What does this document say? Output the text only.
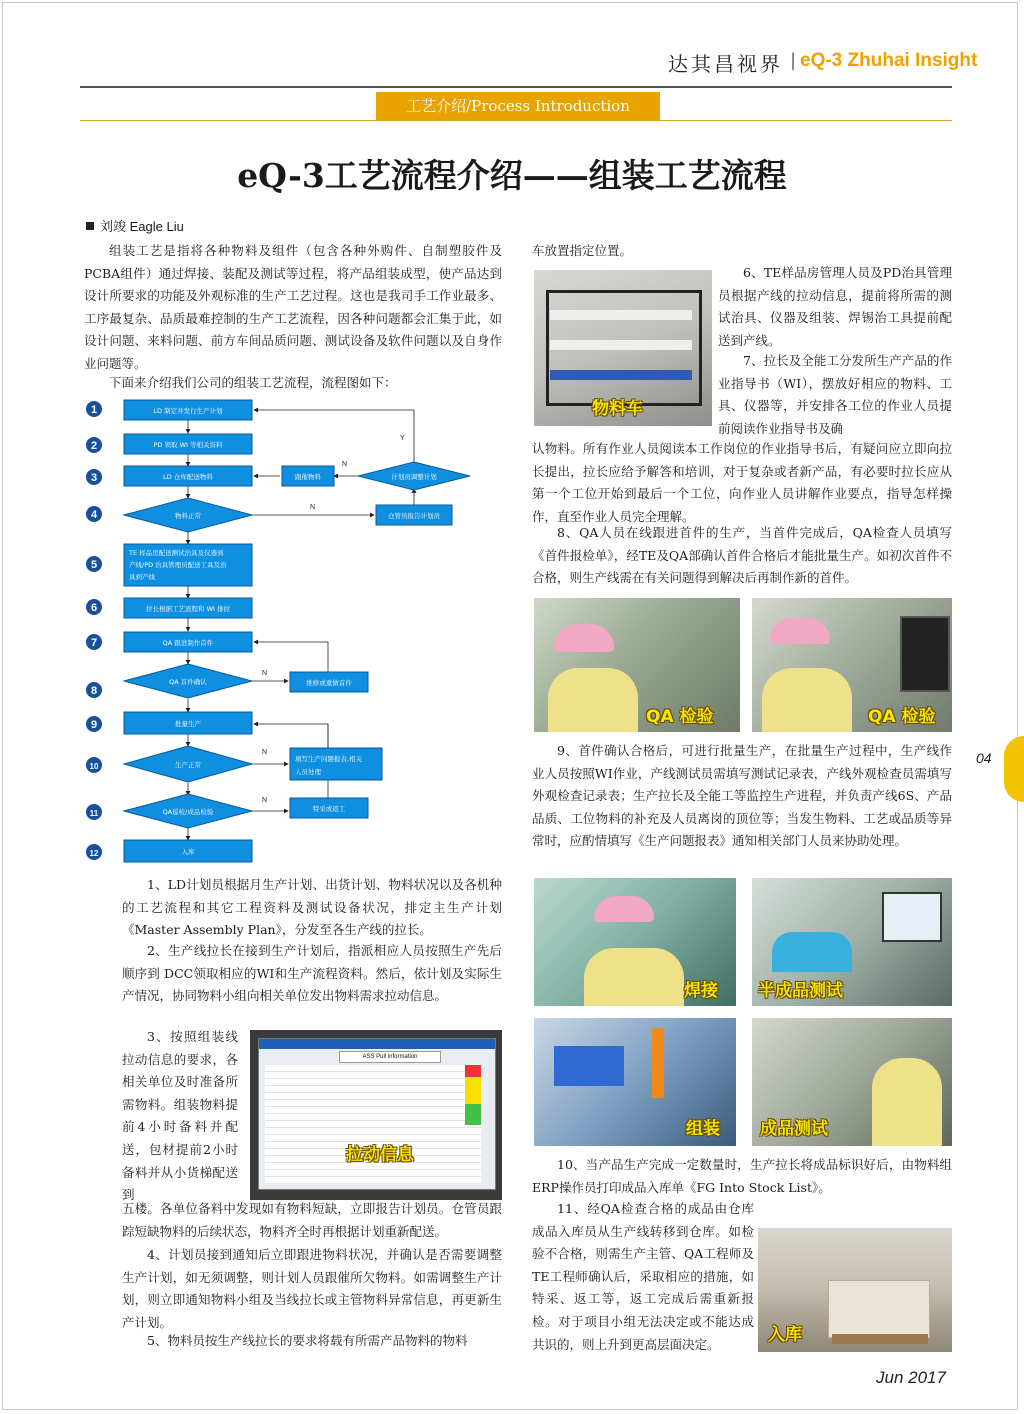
达其昌视界 | eQ-3 Zhuhai Insight
工艺介绍/Process Introduction
eQ-3工艺流程介绍——组装工艺流程
刘竣 Eagle Liu

组装工艺是指将各种物料及组件（包含各种外购件、自制塑胶件及PCBA组件）通过焊接、装配及测试等过程，将产品组装成型，使产品达到设计所要求的功能及外观标准的生产工艺过程。这也是我司手工作业最多、工序最复杂、品质最难控制的生产工艺流程，因各种问题都会汇集于此，如设计问题、来料问题、前方车间品质问题、测试设备及软件问题以及自身作业问题等。

下面来介绍我们公司的组装工艺流程，流程图如下：

1
2
3
4
5
6
7
8
9
10
11
12
Y
N
N
N
N
N
LD 制定并发行生产计划
PD 领取 WI 等相关资料
LD 仓库配送物料
物料正常
TE 样品房配送测试治具及仪器到
产线/PD 治具管理员配送工具及治
具到产线
拉长根据工艺流程和 WI 排拉
QA 跟进制作首件
QA 首件确认
批量生产
生产正常
QA巡检/成品检验
入库
跟催物料	计划员调整计划
仓管员报告计划员
维修或重做首件
填写生产问题报表,相关
人员处理
特采或返工

1、LD计划员根据月生产计划、出货计划、物料状况以及各机种的工艺流程和其它工程资料及测试设备状况，排定主生产计划《Master Assembly Plan》，分发至各生产线的拉长。

2、生产线拉长在接到生产计划后，指派相应人员按照生产先后顺序到 DCC领取相应的WI和生产流程资料。然后，依计划及实际生产情况，协同物料小组向相关单位发出物料需求拉动信息。

3、按照组装线拉动信息的要求，各相关单位及时准备所需物料。组装物料提前4小时备料并配送，包材提前2小时备料并从小货梯配送到

ASS Pull information
拉动信息

五楼。各单位备料中发现如有物料短缺，立即报告计划员。仓管员跟踪短缺物料的后续状态，物料齐全时再根据计划重新配送。

4、计划员接到通知后立即跟进物料状况，并确认是否需要调整生产计划，如无须调整，则计划人员跟催所欠物料。如需调整生产计划，则立即通知物料小组及当线拉长或主管物料异常信息，再更新生产计划。

5、物料员按生产线拉长的要求将载有所需产品物料的物料

车放置指定位置。

物料车

6、TE样品房管理人员及PD治具管理员根据产线的拉动信息，提前将所需的测试治具、仪器及组装、焊锡治工具提前配送到产线。

7、拉长及全能工分发所生产产品的作业指导书（WI），摆放好相应的物料、工具、仪器等，并安排各工位的作业人员提前阅读作业指导书及确

认物料。所有作业人员阅读本工作岗位的作业指导书后，有疑问应立即向拉长提出，拉长应给予解答和培训，对于复杂或者新产品，有必要时拉长应从第一个工位开始到最后一个工位，向作业人员讲解作业要点，指导怎样操作，直至作业人员完全理解。

8、QA人员在线跟进首件的生产，当首件完成后，QA检查人员填写《首件报检单》，经TE及QA部确认首件合格后才能批量生产。如初次首件不合格，则生产线需在有关问题得到解决后再制作新的首件。

QA 检验	QA 检验
04

9、首件确认合格后，可进行批量生产，在批量生产过程中，生产线作业人员按照WI作业，产线测试员需填写测试记录表，产线外观检查员需填写外观检查记录表；生产拉长及全能工等监控生产进程，并负责产线6S、产品品质、工位物料的补充及人员离岗的顶位等；当发生物料、工艺或品质等异常时，应酌情填写《生产问题报表》通知相关部门人员来协助处理。

焊接 半成品测试
组装 成品测试

10、当产品生产完成一定数量时，生产拉长将成品标识好后，由物料组ERP操作员打印成品入库单《FG Into Stock List》。

11、经QA检查合格的成品由仓库成品入库员从生产线转移到仓库。如检验不合格，则需生产主管、QA工程师及TE工程师确认后，采取相应的措施，如特采、返工等，返工完成后需重新报检。对于项目小组无法决定或不能达成共识的，则上升到更高层面决定。	入库
Jun 2017
